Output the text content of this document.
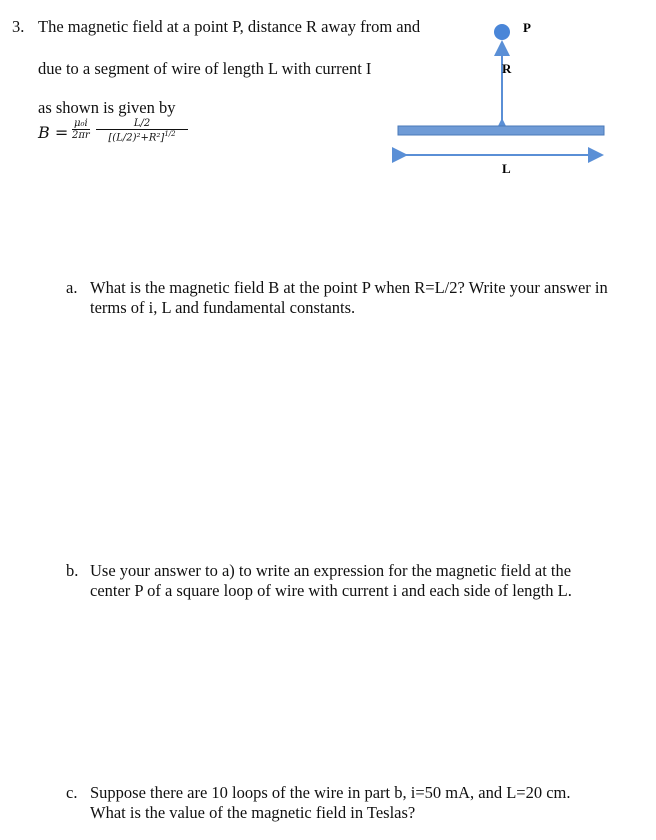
3. The magnetic field at a point P, distance R away from and
due to a segment of wire of length L with current I
as shown is given by
$B = \frac{\text{μ₀i}}{2\pi r} \frac{L/2}{[(L/2)^2+R^2]^{1/2}}$
P
R
L
a. What is the magnetic field B at the point P when R=L/2? Write your answer in terms of i, L and fundamental constants.
b. Use your answer to a) to write an expression for the magnetic field at the center P of a square loop of wire with current i and each side of length L.
c. Suppose there are 10 loops of the wire in part b, i=50 mA, and L=20 cm. What is the value of the magnetic field in Teslas?
